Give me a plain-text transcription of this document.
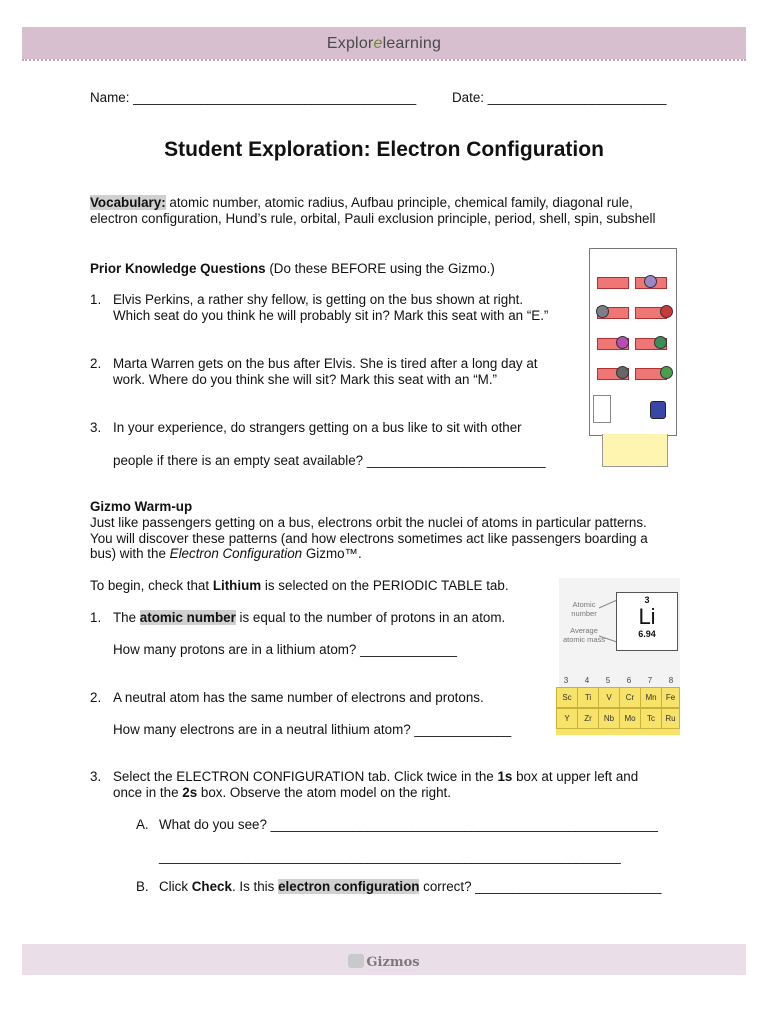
Explorelearning
Name: ______________________________________	Date: ________________________
Student Exploration: Electron Configuration
Vocabulary: atomic number, atomic radius, Aufbau principle, chemical family, diagonal rule,
electron configuration, Hund’s rule, orbital, Pauli exclusion principle, period, shell, spin, subshell
Prior Knowledge Questions (Do these BEFORE using the Gizmo.)
1. Elvis Perkins, a rather shy fellow, is getting on the bus shown at right.
Which seat do you think he will probably sit in? Mark this seat with an “E.”
2. Marta Warren gets on the bus after Elvis. She is tired after a long day at
work. Where do you think she will sit? Mark this seat with an “M.”
3. In your experience, do strangers getting on a bus like to sit with other
people if there is an empty seat available? ________________________
Gizmo Warm-up
Just like passengers getting on a bus, electrons orbit the nuclei of atoms in particular patterns.
You will discover these patterns (and how electrons sometimes act like passengers boarding a
bus) with the Electron Configuration Gizmo™.
To begin, check that Lithium is selected on the PERIODIC TABLE tab.
1. The atomic number is equal to the number of protons in an atom.
How many protons are in a lithium atom? _____________
2. A neutral atom has the same number of electrons and protons.
How many electrons are in a neutral lithium atom? _____________
3. Select the ELECTRON CONFIGURATION tab. Click twice in the 1s box at upper left and
once in the 2s box. Observe the atom model on the right.
A. What do you see? ____________________________________________________
______________________________________________________________
B. Click Check. Is this electron configuration correct? _________________________
Atomic number
Average atomic mass
3	4	5	6	7	8
Sc	Ti	V	Cr	Mn	Fe
Y	Zr	Nb	Mo	Tc	Ru
3
Li
6.94
Gizmos
